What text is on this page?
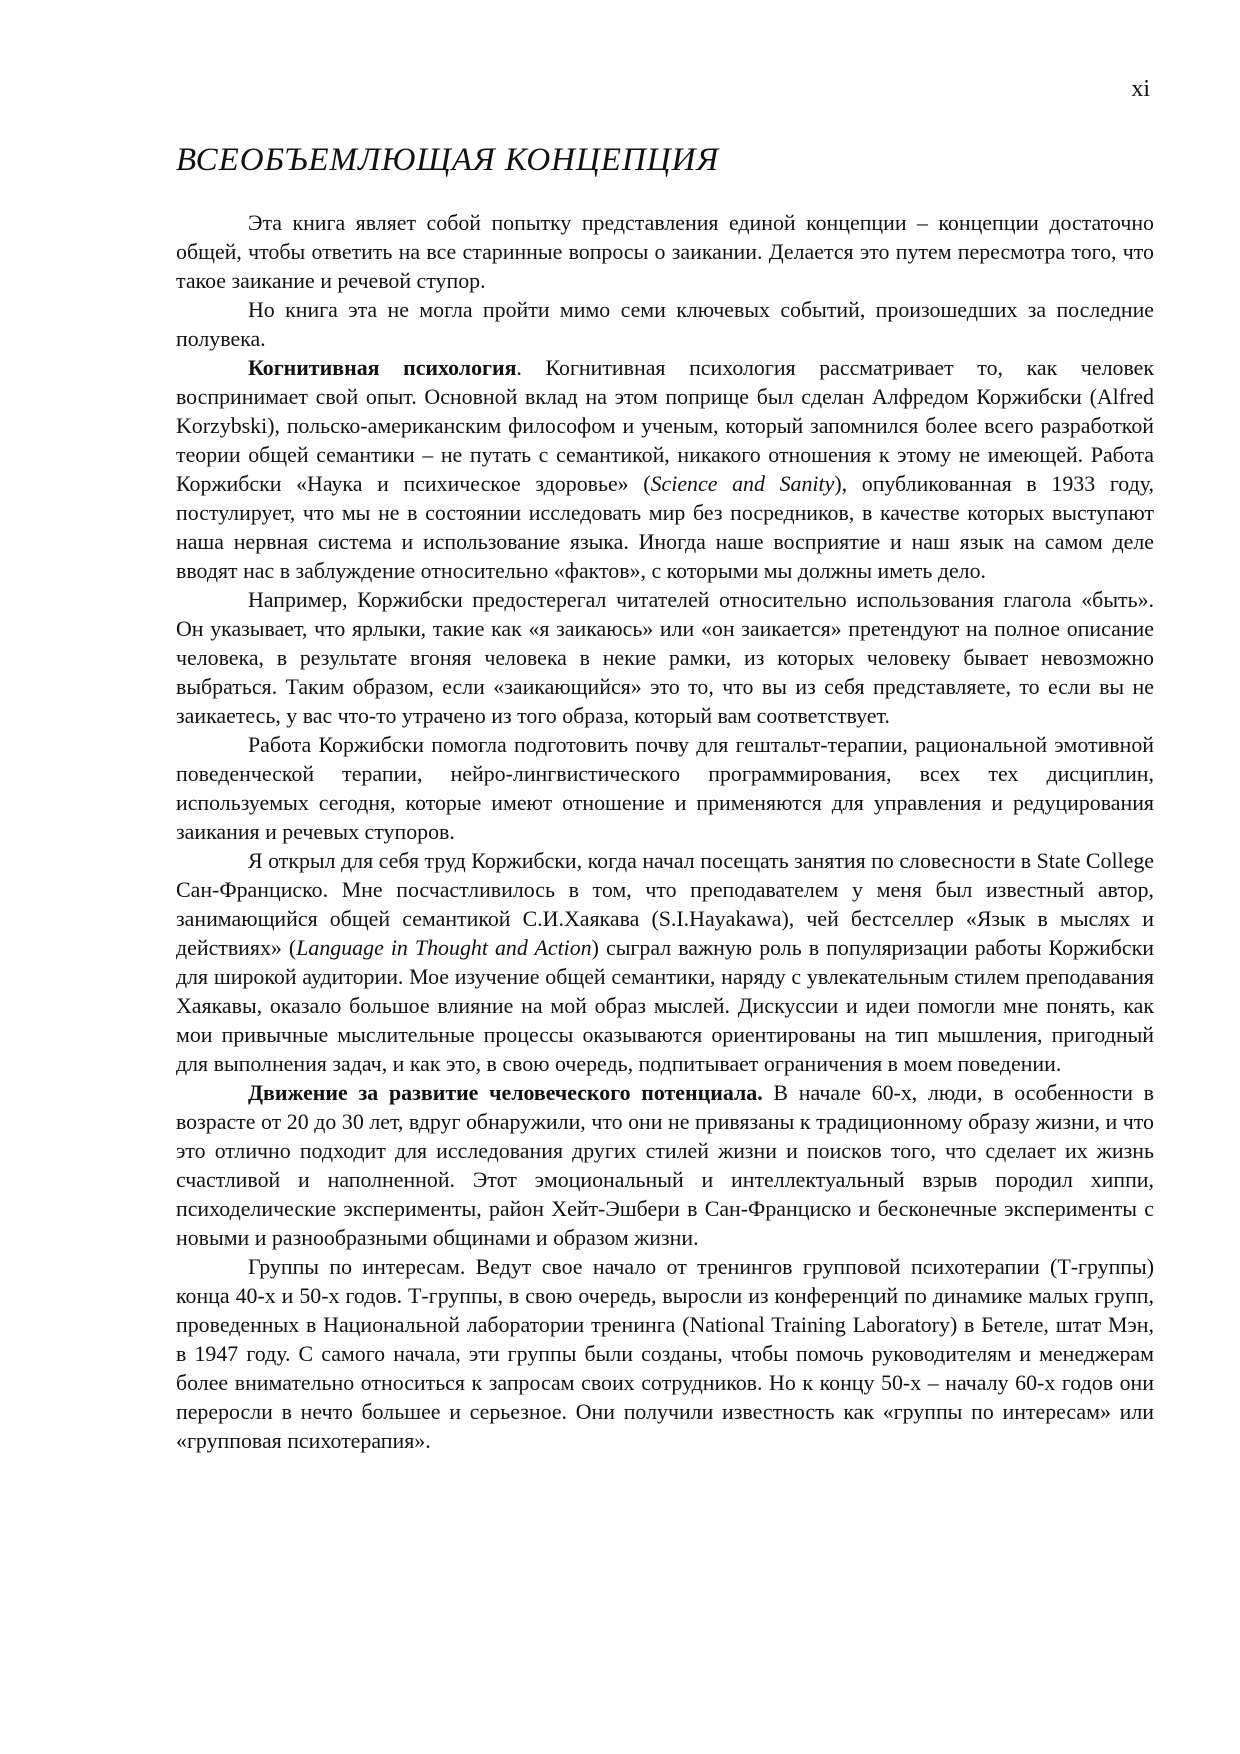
xi
ВСЕОБЪЕМЛЮЩАЯ КОНЦЕПЦИЯ

Эта книга являет собой попытку представления единой концепции – концепции достаточно общей, чтобы ответить на все старинные вопросы о заикании. Делается это путем пересмотра того, что такое заикание и речевой ступор.

Но книга эта не могла пройти мимо семи ключевых событий, произошедших за последние полувека.

Когнитивная психология. Когнитивная психология рассматривает то, как человек воспринимает свой опыт. Основной вклад на этом поприще был сделан Алфредом Коржибски (Alfred Korzybski), польско-американским философом и ученым, который запомнился более всего разработкой теории общей семантики – не путать с семантикой, никакого отношения к этому не имеющей. Работа Коржибски «Наука и психическое здоровье» (Science and Sanity), опубликованная в 1933 году, постулирует, что мы не в состоянии исследовать мир без посредников, в качестве которых выступают наша нервная система и использование языка. Иногда наше восприятие и наш язык на самом деле вводят нас в заблуждение относительно «фактов», с которыми мы должны иметь дело.

Например, Коржибски предостерегал читателей относительно использования глагола «быть». Он указывает, что ярлыки, такие как «я заикаюсь» или «он заикается» претендуют на полное описание человека, в результате вгоняя человека в некие рамки, из которых человеку бывает невозможно выбраться. Таким образом, если «заикающийся» это то, что вы из себя представляете, то если вы не заикаетесь, у вас что-то утрачено из того образа, который вам соответствует.

Работа Коржибски помогла подготовить почву для гештальт-терапии, рациональной эмотивной поведенческой терапии, нейро-лингвистического программирования, всех тех дисциплин, используемых сегодня, которые имеют отношение и применяются для управления и редуцирования заикания и речевых ступоров.

Я открыл для себя труд Коржибски, когда начал посещать занятия по словесности в State College Сан-Франциско. Мне посчастливилось в том, что преподавателем у меня был известный автор, занимающийся общей семантикой С.И.Хаякава (S.I.Hayakawa), чей бестселлер «Язык в мыслях и действиях» (Language in Thought and Action) сыграл важную роль в популяризации работы Коржибски для широкой аудитории. Мое изучение общей семантики, наряду с увлекательным стилем преподавания Хаякавы, оказало большое влияние на мой образ мыслей. Дискуссии и идеи помогли мне понять, как мои привычные мыслительные процессы оказываются ориентированы на тип мышления, пригодный для выполнения задач, и как это, в свою очередь, подпитывает ограничения в моем поведении.

Движение за развитие человеческого потенциала. В начале 60-х, люди, в особенности в возрасте от 20 до 30 лет, вдруг обнаружили, что они не привязаны к традиционному образу жизни, и что это отлично подходит для исследования других стилей жизни и поисков того, что сделает их жизнь счастливой и наполненной. Этот эмоциональный и интеллектуальный взрыв породил хиппи, психоделические эксперименты, район Хейт-Эшбери в Сан-Франциско и бесконечные эксперименты с новыми и разнообразными общинами и образом жизни.

Группы по интересам. Ведут свое начало от тренингов групповой психотерапии (Т-группы) конца 40-х и 50-х годов. Т-группы, в свою очередь, выросли из конференций по динамике малых групп, проведенных в Национальной лаборатории тренинга (National Training Laboratory) в Бетеле, штат Мэн, в 1947 году. С самого начала, эти группы были созданы, чтобы помочь руководителям и менеджерам более внимательно относиться к запросам своих сотрудников. Но к концу 50-х – началу 60-х годов они переросли в нечто большее и серьезное. Они получили известность как «группы по интересам» или «групповая психотерапия».
